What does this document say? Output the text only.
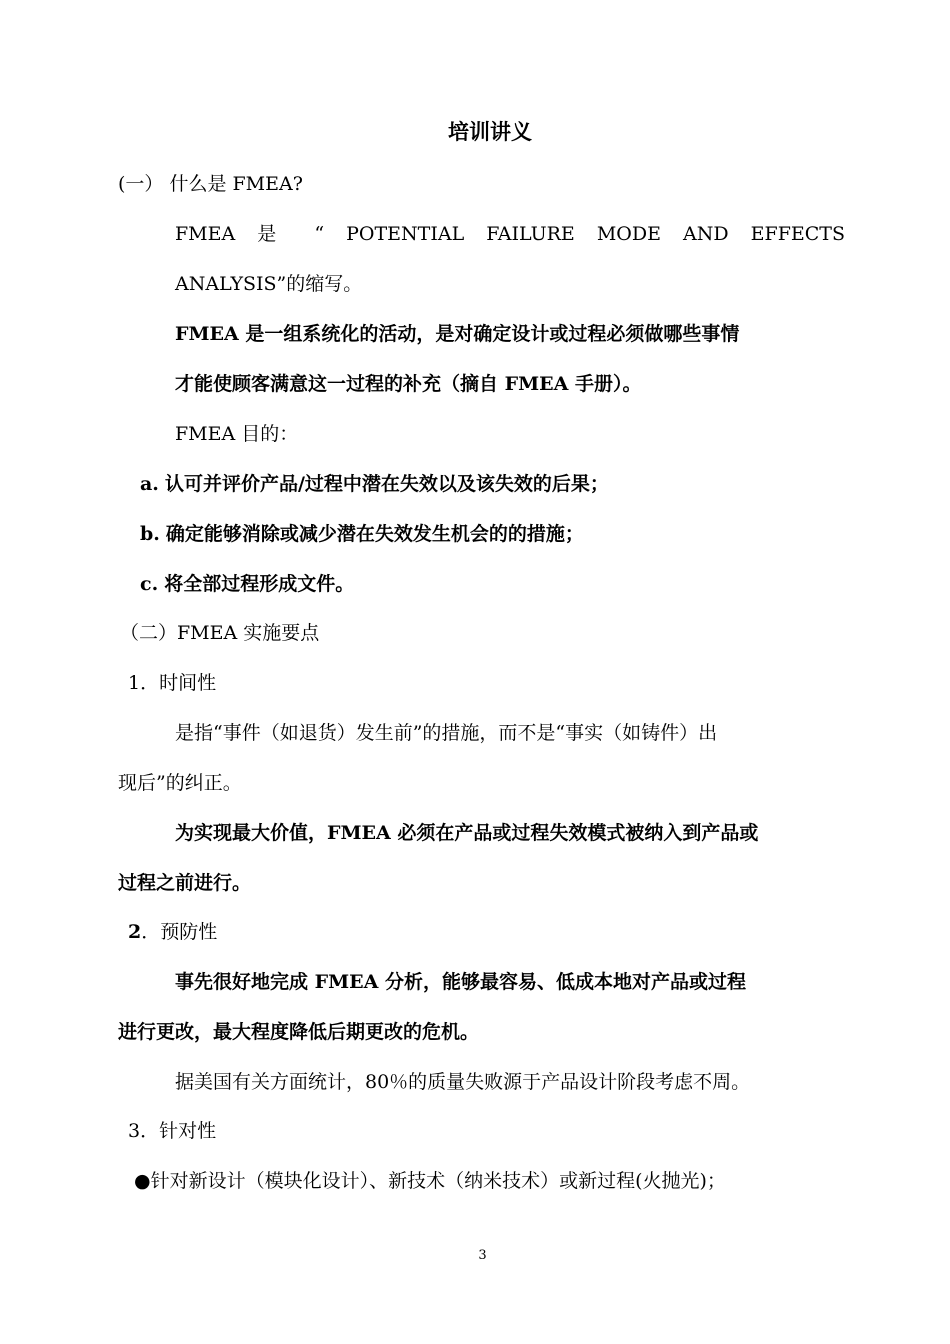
培训讲义
(一） 什么是 FMEA?
FMEA 是 “ POTENTIAL FAILURE MODE AND EFFECTS
ANALYSIS”的缩写。
FMEA 是一组系统化的活动，是对确定设计或过程必须做哪些事情
才能使顾客满意这一过程的补充（摘自 FMEA 手册）。
FMEA 目的：
a. 认可并评价产品/过程中潜在失效以及该失效的后果；
b. 确定能够消除或减少潜在失效发生机会的的措施；
c. 将全部过程形成文件。
（二）FMEA 实施要点
1．时间性
是指“事件（如退货）发生前”的措施，而不是“事实（如铸件）出
现后”的纠正。
为实现最大价值，FMEA 必须在产品或过程失效模式被纳入到产品或
过程之前进行。
2．预防性
事先很好地完成 FMEA 分析，能够最容易、低成本地对产品或过程
进行更改，最大程度降低后期更改的危机。
据美国有关方面统计，80％的质量失败源于产品设计阶段考虑不周。
3．针对性
●针对新设计（模块化设计）、新技术（纳米技术）或新过程(火抛光)；
3
